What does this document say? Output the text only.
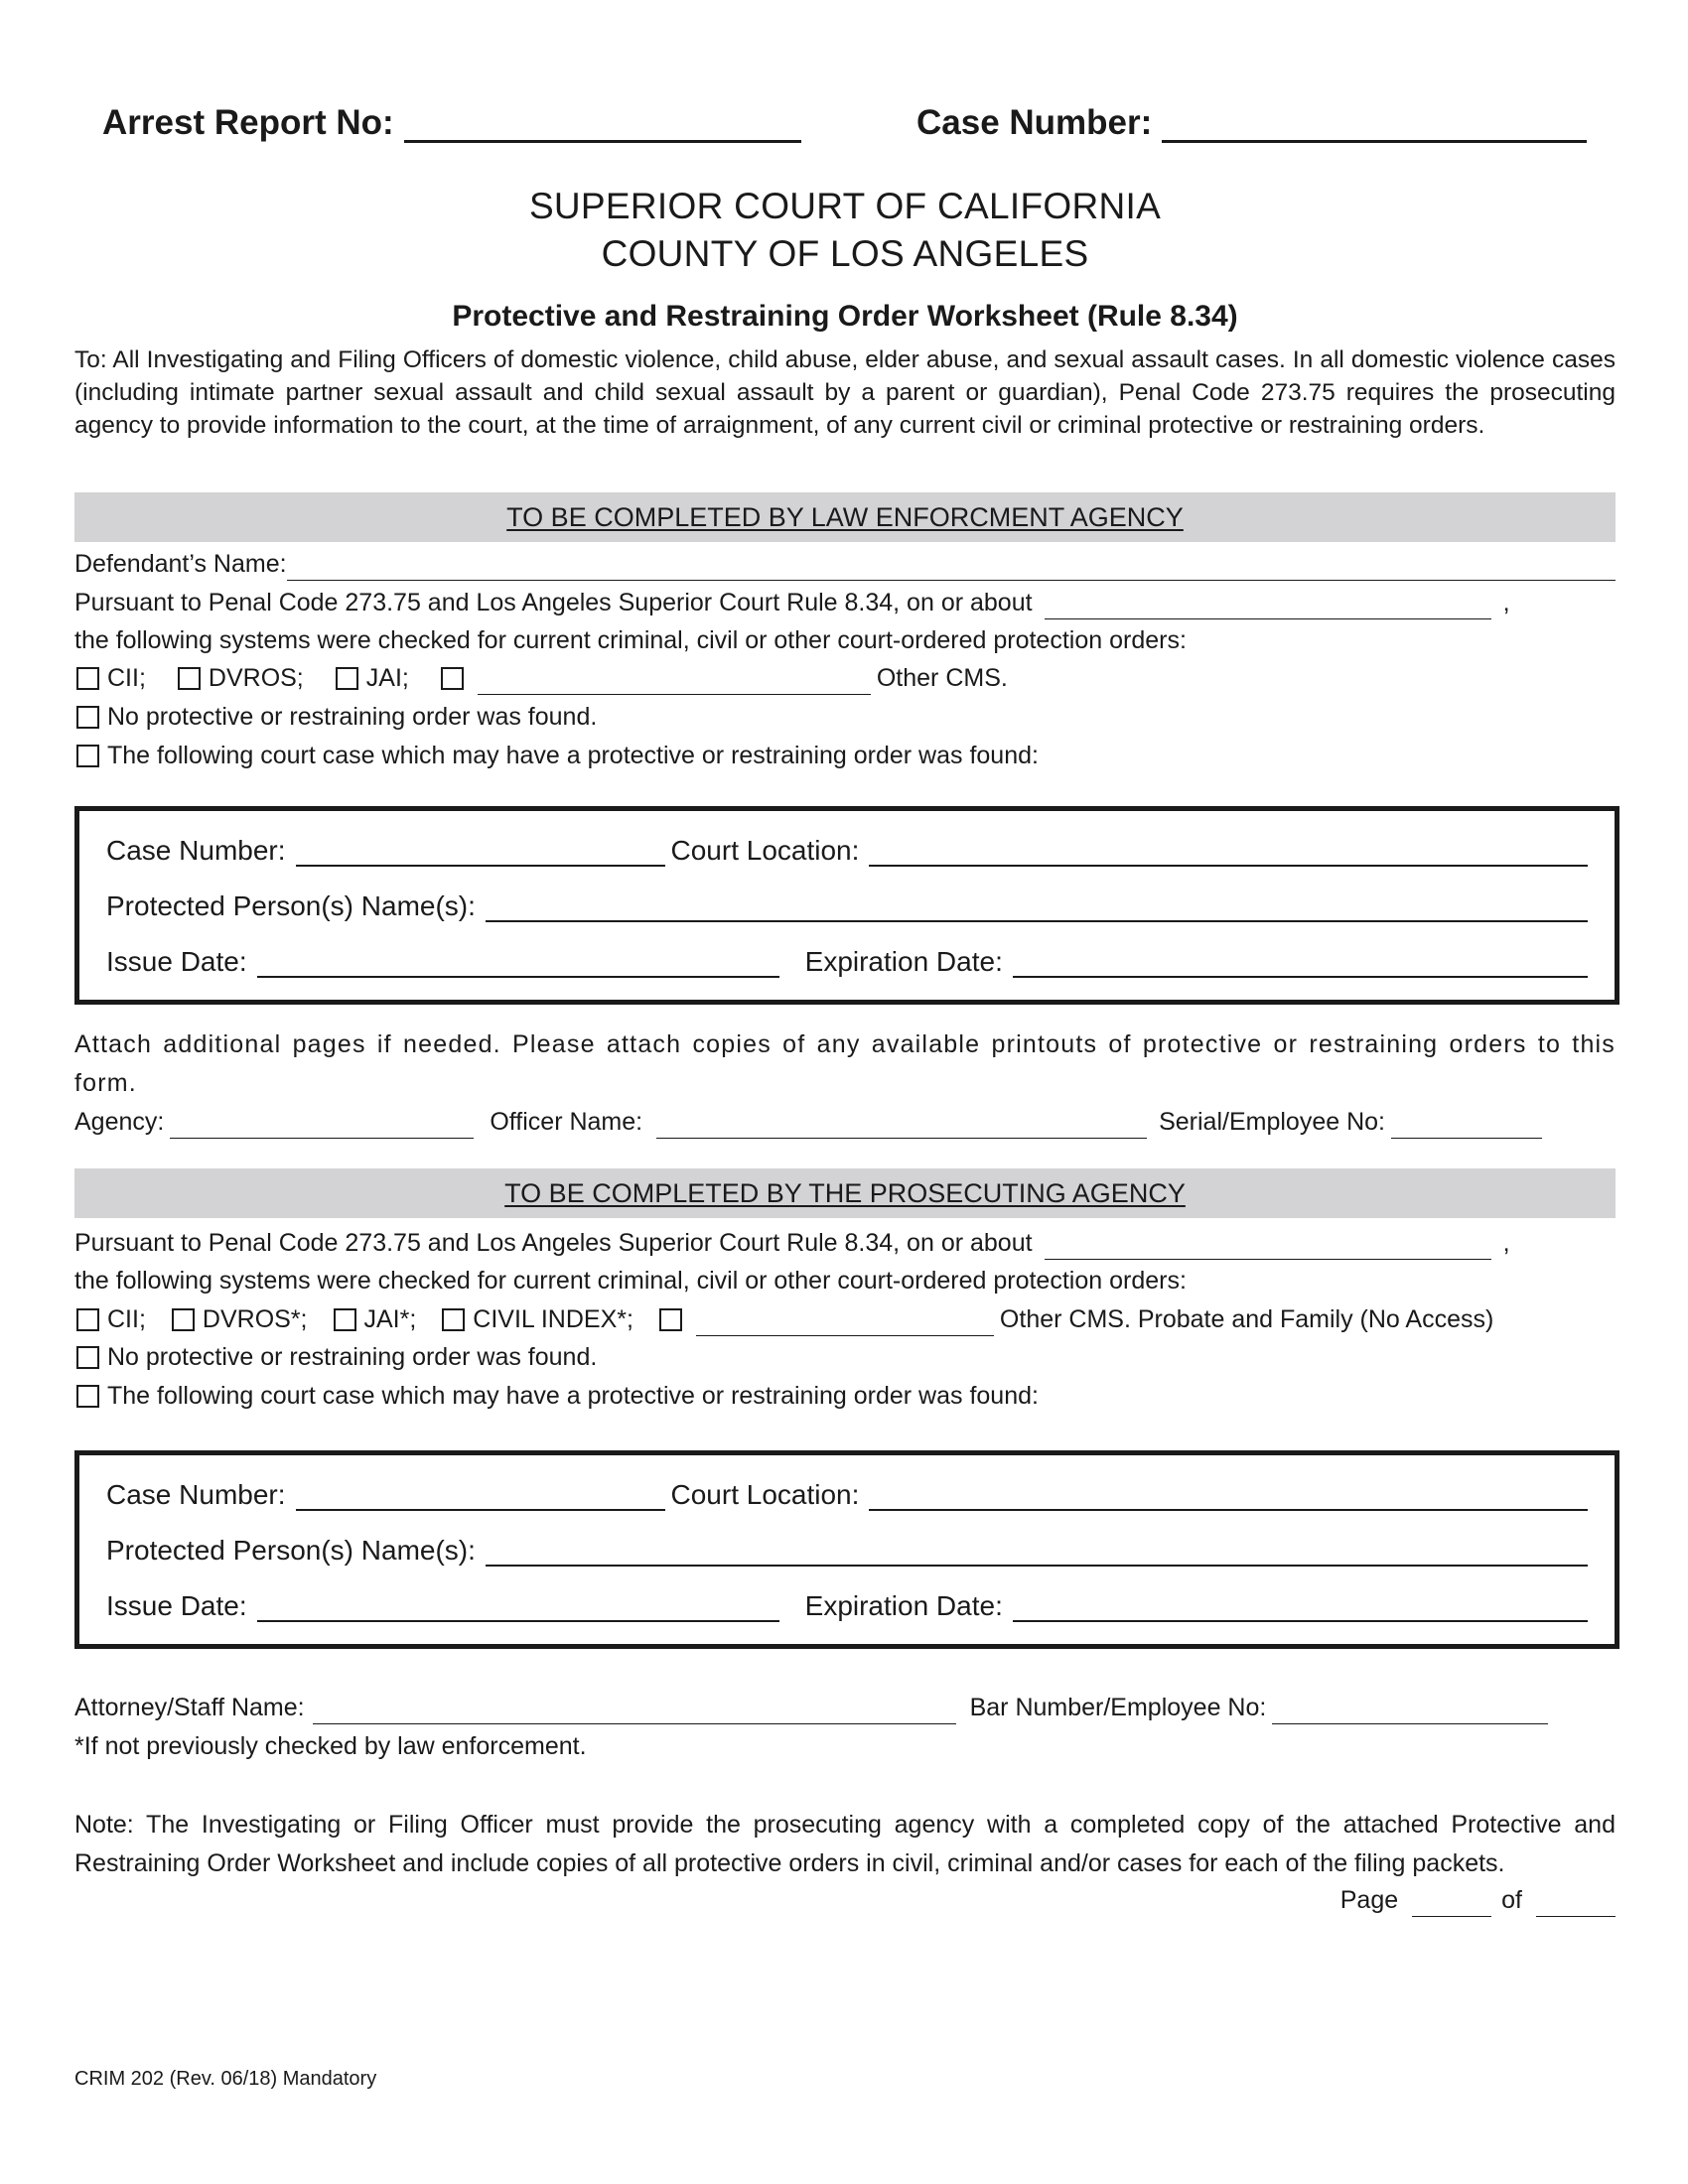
Arrest Report No:	Case Number:
SUPERIOR COURT OF CALIFORNIA
COUNTY OF LOS ANGELES
Protective and Restraining Order Worksheet (Rule 8.34)
To: All Investigating and Filing Officers of domestic violence, child abuse, elder abuse, and sexual assault cases. In all domestic violence cases (including intimate partner sexual assault and child sexual assault by a parent or guardian), Penal Code 273.75 requires the prosecuting agency to provide information to the court, at the time of arraignment, of any current civil or criminal protective or restraining orders.
TO BE COMPLETED BY LAW ENFORCMENT AGENCY
Defendant’s Name:
Pursuant to Penal Code 273.75 and Los Angeles Superior Court Rule 8.34, on or about	,
the following systems were checked for current criminal, civil or other court-ordered protection orders:
CII;	DVROS;	JAI;	Other CMS.
No protective or restraining order was found.
The following court case which may have a protective or restraining order was found:
Case Number:	Court Location:
Protected Person(s) Name(s):
Issue Date:	Expiration Date:
Attach additional pages if needed. Please attach copies of any available printouts of protective or restraining orders to this form.
Agency:	Officer Name:	Serial/Employee No:
TO BE COMPLETED BY THE PROSECUTING AGENCY
Pursuant to Penal Code 273.75 and Los Angeles Superior Court Rule 8.34, on or about	,
the following systems were checked for current criminal, civil or other court-ordered protection orders:
CII; DVROS*; JAI*; CIVIL INDEX*;	Other CMS. Probate and Family (No Access)
No protective or restraining order was found.
The following court case which may have a protective or restraining order was found:
Case Number:	Court Location:
Protected Person(s) Name(s):
Issue Date:	Expiration Date:
Attorney/Staff Name:	Bar Number/Employee No:
*If not previously checked by law enforcement.
Note: The Investigating or Filing Officer must provide the prosecuting agency with a completed copy of the attached Protective and Restraining Order Worksheet and include copies of all protective orders in civil, criminal and/or cases for each of the filing packets.
Page	of
CRIM 202 (Rev. 06/18) Mandatory
